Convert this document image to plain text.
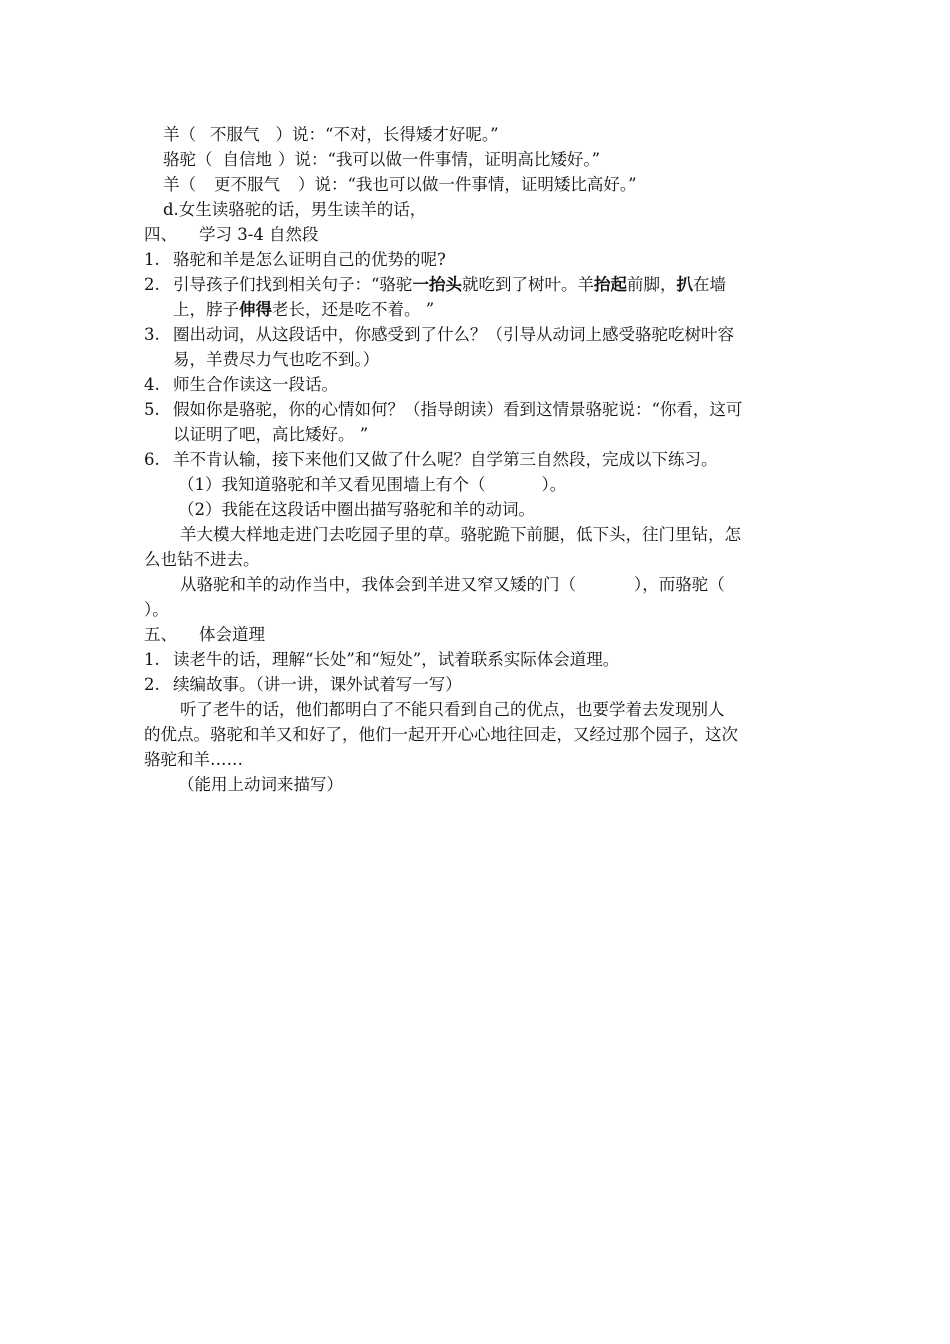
羊（ 不服气 ）说：“不对，长得矮才好呢。”
骆驼（ 自信地 ）说：“我可以做一件事情，证明高比矮好。”
羊（ 更不服气 ）说：“我也可以做一件事情，证明矮比高好。”
d.女生读骆驼的话，男生读羊的话，
四、 学习 3-4 自然段
1. 骆驼和羊是怎么证明自己的优势的呢?
2. 引导孩子们找到相关句子：“骆驼一抬头就吃到了树叶。羊抬起前脚，扒在墙
上，脖子伸得老长，还是吃不着。 ”
3. 圈出动词，从这段话中，你感受到了什么？（引导从动词上感受骆驼吃树叶容
易，羊费尽力气也吃不到。）
4. 师生合作读这一段话。
5. 假如你是骆驼，你的心情如何？（指导朗读）看到这情景骆驼说：“你看，这可
以证明了吧，高比矮好。 ”
6. 羊不肯认输，接下来他们又做了什么呢？自学第三自然段，完成以下练习。
（1）我知道骆驼和羊又看见围墙上有个（	）。
（2）我能在这段话中圈出描写骆驼和羊的动词。
羊大模大样地走进门去吃园子里的草。骆驼跪下前腿，低下头，往门里钻，怎
么也钻不进去。
从骆驼和羊的动作当中，我体会到羊进又窄又矮的门（	），而骆驼（
）。
五、 体会道理
1. 读老牛的话，理解“长处”和“短处”，试着联系实际体会道理。
2. 续编故事。（讲一讲，课外试着写一写）
听了老牛的话，他们都明白了不能只看到自己的优点，也要学着去发现别人
的优点。骆驼和羊又和好了，他们一起开开心心地往回走，又经过那个园子，这次
骆驼和羊……
（能用上动词来描写）
